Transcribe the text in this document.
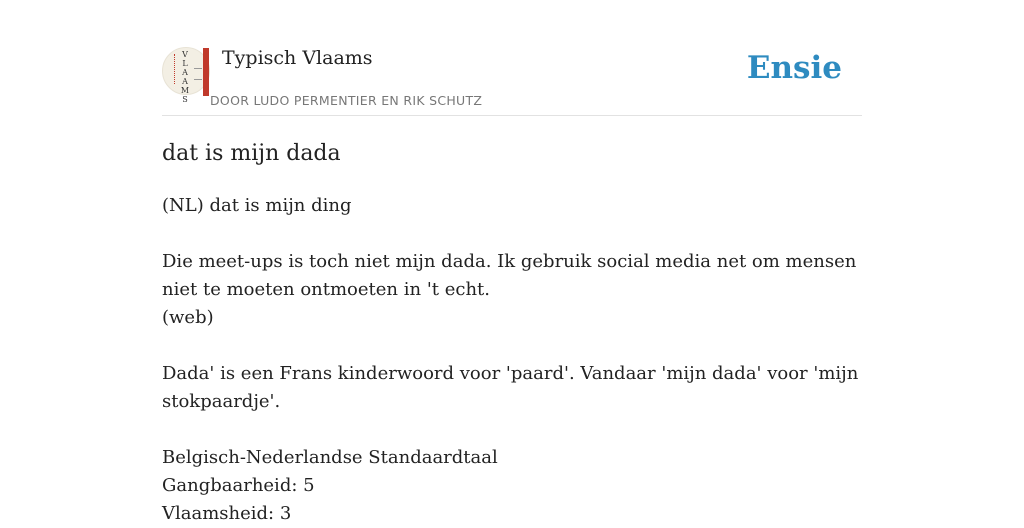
V
L
A
A
M
S
Typisch Vlaams
DOOR LUDO PERMENTIER EN RIK SCHUTZ
Ensie
dat is mijn dada

(NL) dat is mijn ding

Die meet-ups is toch niet mijn dada. Ik gebruik social media net om mensen niet te moeten ontmoeten in 't echt.

(web)

Dada' is een Frans kinderwoord voor 'paard'. Vandaar 'mijn dada' voor 'mijn stokpaardje'.

Belgisch-Nederlandse Standaardtaal

Gangbaarheid: 5

Vlaamsheid: 3
